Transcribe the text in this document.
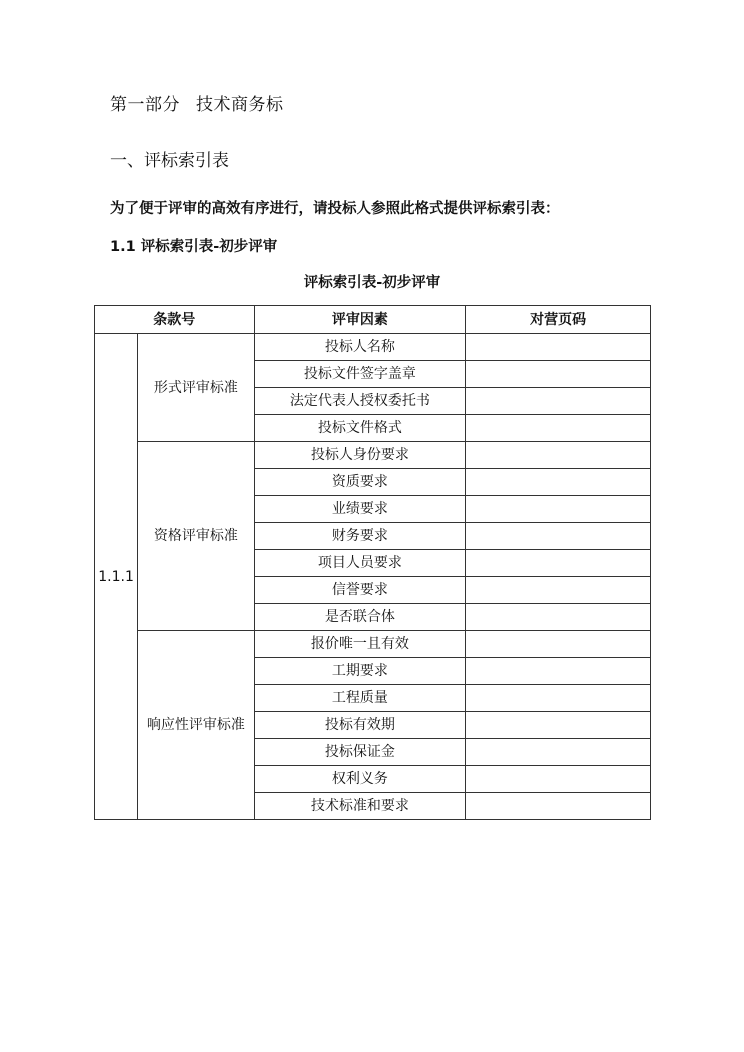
第一部分 技术商务标
一、评标索引表
为了便于评审的高效有序进行，请投标人参照此格式提供评标索引表：
1.1 评标索引表-初步评审
评标索引表-初步评审
条款号		评审因素	对营页码
1.1.1	形式评审标准	投标人名称	
		投标文件签字盖章	
		法定代表人授权委托书	
		投标文件格式	
	资格评审标准	投标人身份要求	
		资质要求	
		业绩要求	
		财务要求	
		项目人员要求	
		信誉要求	
		是否联合体	
	响应性评审标准	报价唯一且有效	
		工期要求	
		工程质量	
		投标有效期	
		投标保证金	
		权利义务	
		技术标准和要求	
